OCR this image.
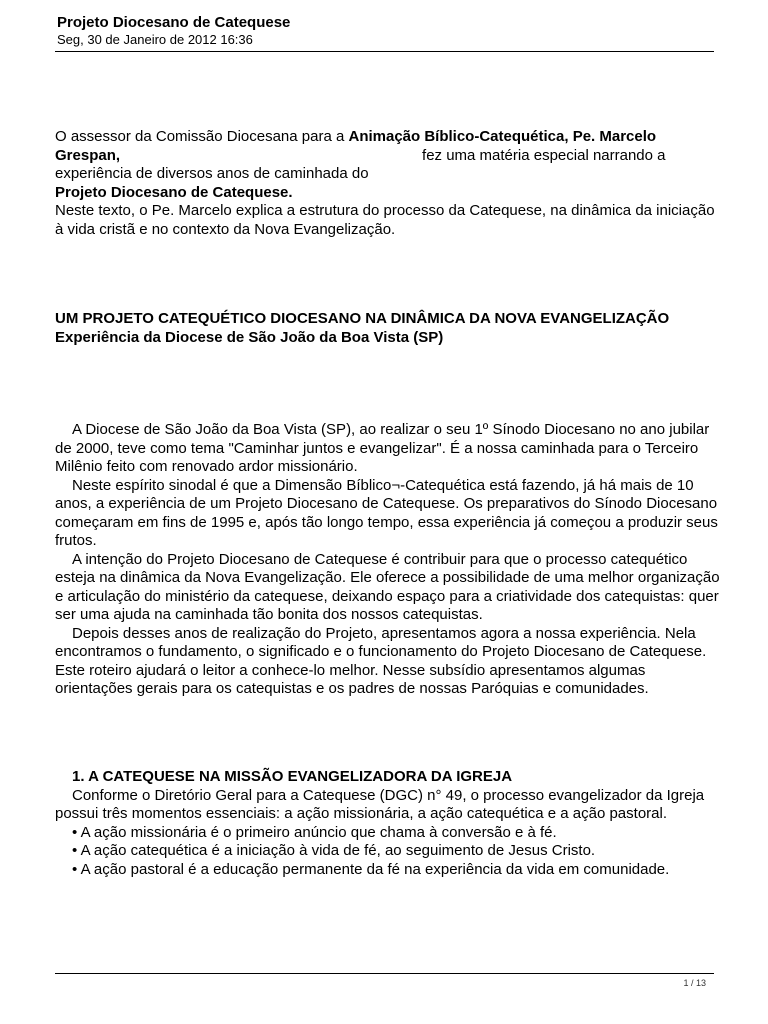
Projeto Diocesano de Catequese
Seg, 30 de Janeiro de 2012 16:36
O assessor da Comissão Diocesana para a Animação Bíblico-Catequética, Pe. Marcelo
Grespan,	fez uma matéria especial narrando a
experiência de diversos anos de caminhada do
Projeto Diocesano de Catequese.
Neste texto, o Pe. Marcelo explica a estrutura do processo da Catequese, na dinâmica da iniciação à vida cristã e no contexto da Nova Evangelização.
UM PROJETO CATEQUÉTICO DIOCESANO NA DINÂMICA DA NOVA EVANGELIZAÇÃO
Experiência da Diocese de São João da Boa Vista (SP)

A Diocese de São João da Boa Vista (SP), ao realizar o seu 1º Sínodo Diocesano no ano jubilar de 2000, teve como tema "Caminhar juntos e evangelizar". É a nossa caminhada para o Terceiro Milênio feito com renovado ardor missionário.

Neste espírito sinodal é que a Dimensão Bíblico¬-Catequética está fazendo, já há mais de 10 anos, a experiência de um Projeto Diocesano de Catequese. Os preparativos do Sínodo Diocesano começaram em fins de 1995 e, após tão longo tempo, essa experiência já começou a produzir seus frutos.

A intenção do Projeto Diocesano de Catequese é contribuir para que o processo catequético esteja na dinâmica da Nova Evangelização. Ele oferece a possibilidade de uma melhor organização e articulação do ministério da catequese, deixando espaço para a criatividade dos catequistas: quer ser uma ajuda na caminhada tão bonita dos nossos catequistas.

Depois desses anos de realização do Projeto, apresentamos agora a nossa experiência. Nela encontramos o fundamento, o significado e o funcionamento do Projeto Diocesano de Catequese. Este roteiro ajudará o leitor a conhece-lo melhor. Nesse subsídio apresentamos algumas orientações gerais para os catequistas e os padres de nossas Paróquias e comunidades.

1. A CATEQUESE NA MISSÃO EVANGELIZADORA DA IGREJA

Conforme o Diretório Geral para a Catequese (DGC) n° 49, o processo evangelizador da Igreja possui três momentos essenciais: a ação missionária, a ação catequética e a ação pastoral.

• A ação missionária é o primeiro anúncio que chama à conversão e à fé.

• A ação catequética é a iniciação à vida de fé, ao seguimento de Jesus Cristo.

• A ação pastoral é a educação permanente da fé na experiência da vida em comunidade.

1 / 13
